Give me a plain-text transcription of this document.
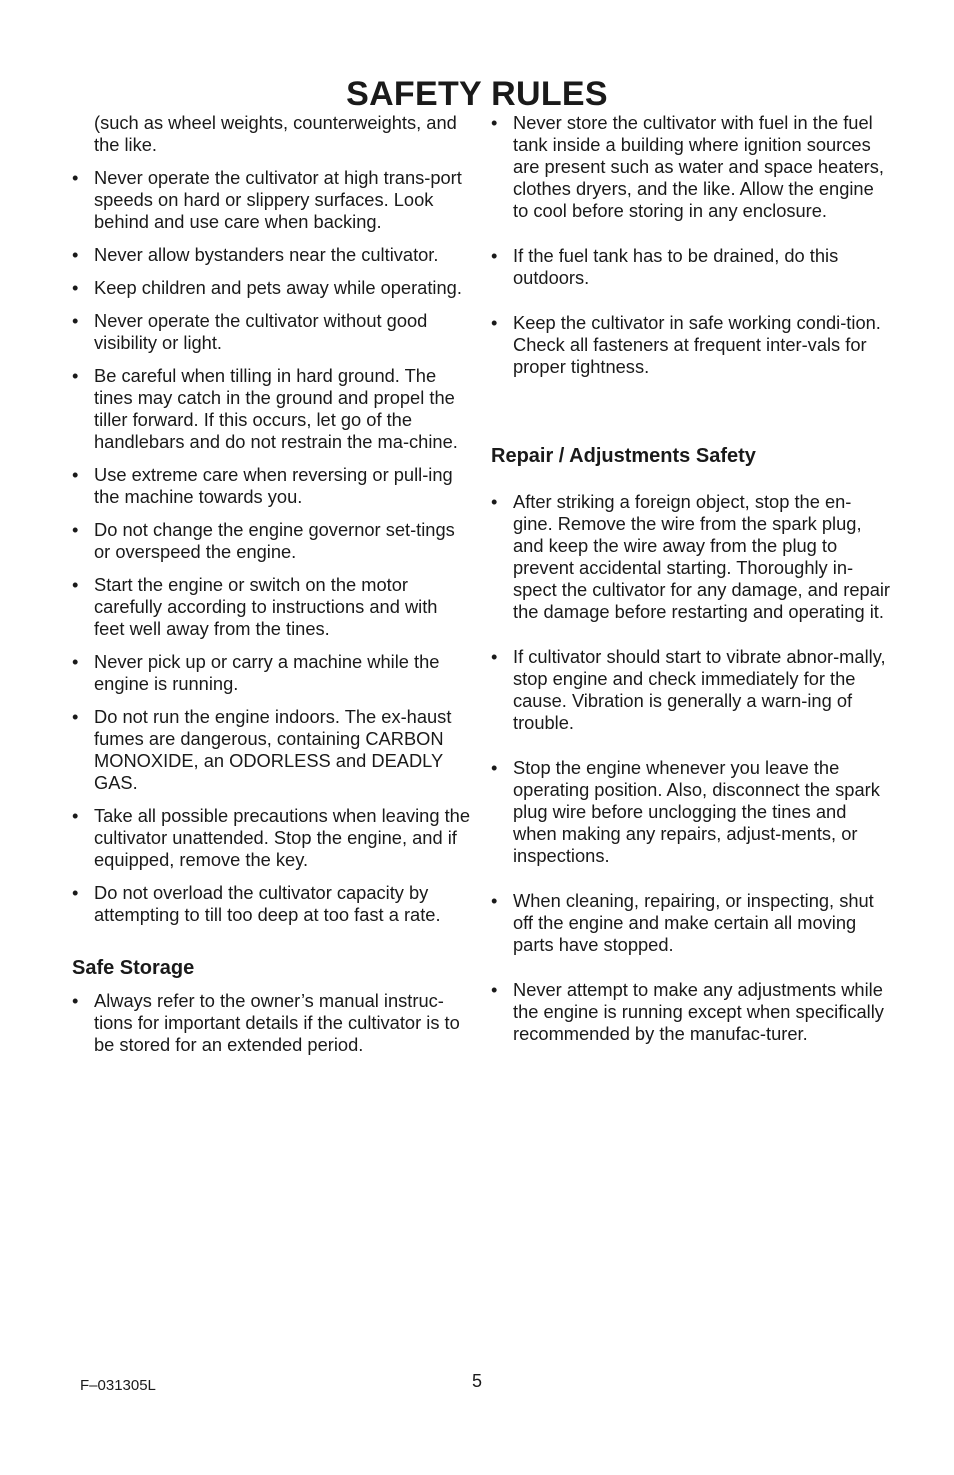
SAFETY RULES

(such as wheel weights, counterweights, and the like.

• Never operate the cultivator at high trans-port speeds on hard or slippery surfaces. Look behind and use care when backing.
• Never allow bystanders near the cultivator.
• Keep children and pets away while operating.
• Never operate the cultivator without good visibility or light.
• Be careful when tilling in hard ground. The tines may catch in the ground and propel the tiller forward. If this occurs, let go of the handlebars and do not restrain the ma-chine.
• Use extreme care when reversing or pull-ing the machine towards you.
• Do not change the engine governor set-tings or overspeed the engine.
• Start the engine or switch on the motor carefully according to instructions and with feet well away from the tines.
• Never pick up or carry a machine while the engine is running.
• Do not run the engine indoors. The ex-haust fumes are dangerous, containing CARBON MONOXIDE, an ODORLESS and DEADLY GAS.
• Take all possible precautions when leaving the cultivator unattended. Stop the engine, and if equipped, remove the key.
• Do not overload the cultivator capacity by attempting to till too deep at too fast a rate.
Safe Storage
• Always refer to the owner’s manual instruc-tions for important details if the cultivator is to be stored for an extended period.
• Never store the cultivator with fuel in the fuel tank inside a building where ignition sources are present such as water and space heaters, clothes dryers, and the like. Allow the engine to cool before storing in any enclosure.
• If the fuel tank has to be drained, do this outdoors.
• Keep the cultivator in safe working condi-tion. Check all fasteners at frequent inter-vals for proper tightness.
Repair / Adjustments Safety
• After striking a foreign object, stop the en-gine. Remove the wire from the spark plug, and keep the wire away from the plug to prevent accidental starting. Thoroughly in-spect the cultivator for any damage, and repair the damage before restarting and operating it.
• If cultivator should start to vibrate abnor-mally, stop engine and check immediately for the cause. Vibration is generally a warn-ing of trouble.
• Stop the engine whenever you leave the operating position. Also, disconnect the spark plug wire before unclogging the tines and when making any repairs, adjust-ments, or inspections.
• When cleaning, repairing, or inspecting, shut off the engine and make certain all moving parts have stopped.
• Never attempt to make any adjustments while the engine is running except when specifically recommended by the manufac-turer.
F–031305L	5
